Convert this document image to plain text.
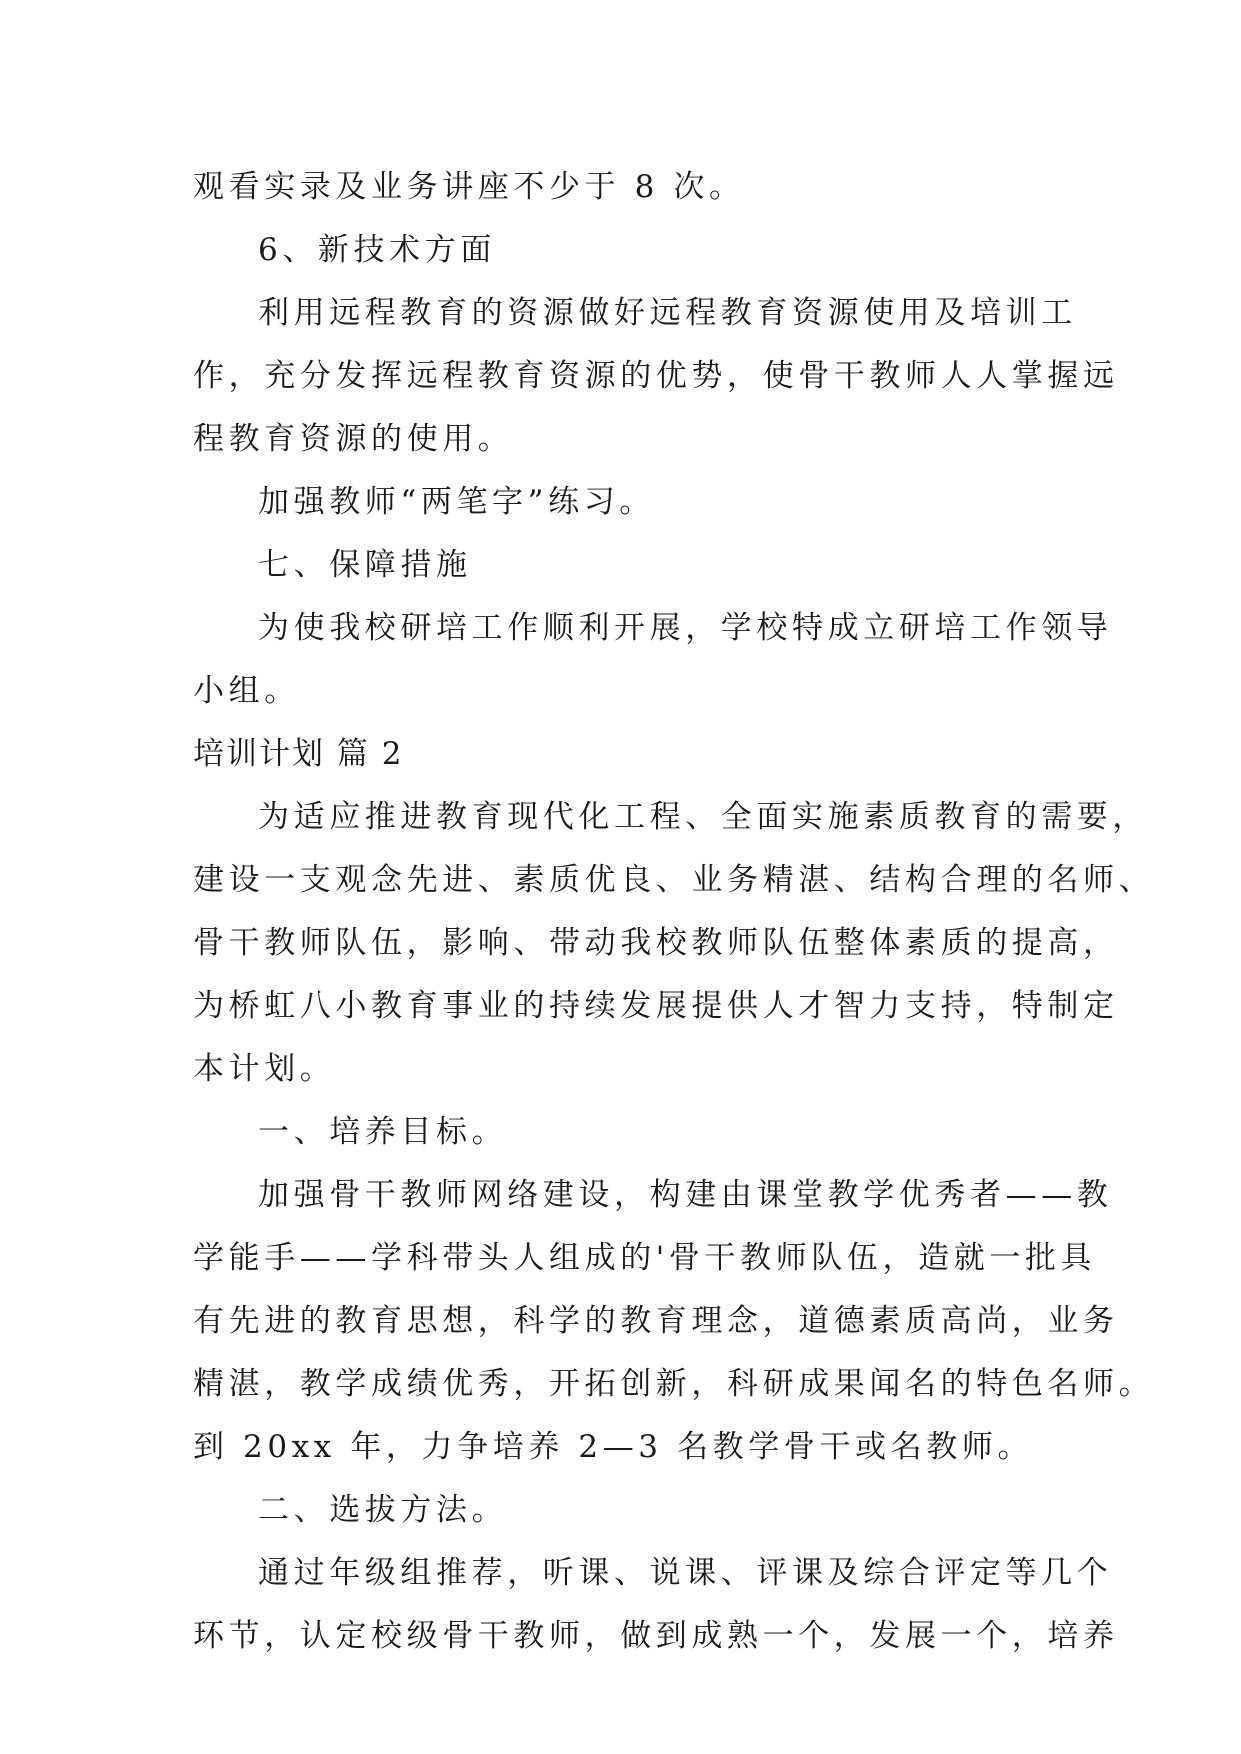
观看实录及业务讲座不少于 8 次。
6、新技术方面
利用远程教育的资源做好远程教育资源使用及培训工
作，充分发挥远程教育资源的优势，使骨干教师人人掌握远
程教育资源的使用。
加强教师“两笔字”练习。
七、保障措施
为使我校研培工作顺利开展，学校特成立研培工作领导
小组。
培训计划 篇 2
为适应推进教育现代化工程、全面实施素质教育的需要，
建设一支观念先进、素质优良、业务精湛、结构合理的名师、
骨干教师队伍，影响、带动我校教师队伍整体素质的提高，
为桥虹八小教育事业的持续发展提供人才智力支持，特制定
本计划。
一、培养目标。
加强骨干教师网络建设，构建由课堂教学优秀者——教
学能手——学科带头人组成的'骨干教师队伍，造就一批具
有先进的教育思想，科学的教育理念，道德素质高尚，业务
精湛，教学成绩优秀，开拓创新，科研成果闻名的特色名师。
到 20xx 年，力争培养 2—3 名教学骨干或名教师。
二、选拔方法。
通过年级组推荐，听课、说课、评课及综合评定等几个
环节，认定校级骨干教师，做到成熟一个，发展一个，培养
